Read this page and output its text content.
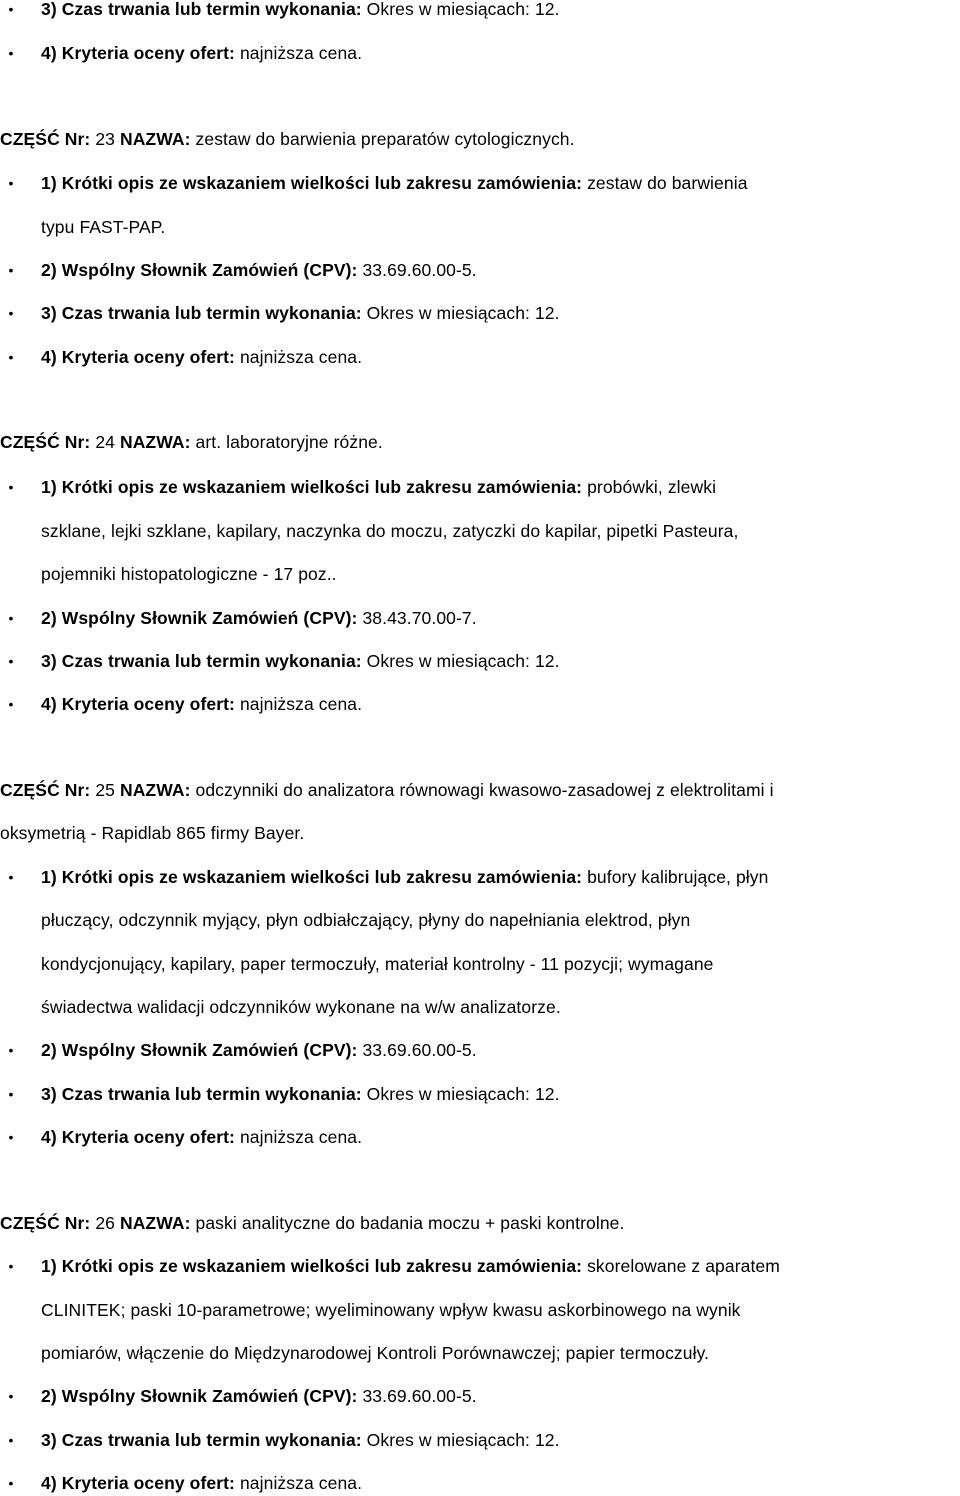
•	3) Czas trwania lub termin wykonania: Okres w miesiącach: 12.
•	4) Kryteria oceny ofert: najniższa cena.
CZĘŚĆ Nr: 23 NAZWA: zestaw do barwienia preparatów cytologicznych.
•	1) Krótki opis ze wskazaniem wielkości lub zakresu zamówienia: zestaw do barwienia
typu FAST-PAP.
•	2) Wspólny Słownik Zamówień (CPV): 33.69.60.00-5.
•	3) Czas trwania lub termin wykonania: Okres w miesiącach: 12.
•	4) Kryteria oceny ofert: najniższa cena.
CZĘŚĆ Nr: 24 NAZWA: art. laboratoryjne różne.
•	1) Krótki opis ze wskazaniem wielkości lub zakresu zamówienia: probówki, zlewki
szklane, lejki szklane, kapilary, naczynka do moczu, zatyczki do kapilar, pipetki Pasteura,
pojemniki histopatologiczne - 17 poz..
•	2) Wspólny Słownik Zamówień (CPV): 38.43.70.00-7.
•	3) Czas trwania lub termin wykonania: Okres w miesiącach: 12.
•	4) Kryteria oceny ofert: najniższa cena.
CZĘŚĆ Nr: 25 NAZWA: odczynniki do analizatora równowagi kwasowo-zasadowej z elektrolitami i
oksymetrią - Rapidlab 865 firmy Bayer.
•	1) Krótki opis ze wskazaniem wielkości lub zakresu zamówienia: bufory kalibrujące, płyn
płuczący, odczynnik myjący, płyn odbiałczający, płyny do napełniania elektrod, płyn
kondycjonujący, kapilary, paper termoczuły, materiał kontrolny - 11 pozycji; wymagane
świadectwa walidacji odczynników wykonane na w/w analizatorze.
•	2) Wspólny Słownik Zamówień (CPV): 33.69.60.00-5.
•	3) Czas trwania lub termin wykonania: Okres w miesiącach: 12.
•	4) Kryteria oceny ofert: najniższa cena.
CZĘŚĆ Nr: 26 NAZWA: paski analityczne do badania moczu + paski kontrolne.
•	1) Krótki opis ze wskazaniem wielkości lub zakresu zamówienia: skorelowane z aparatem
CLINITEK; paski 10-parametrowe; wyeliminowany wpływ kwasu askorbinowego na wynik
pomiarów, włączenie do Międzynarodowej Kontroli Porównawczej; papier termoczuły.
•	2) Wspólny Słownik Zamówień (CPV): 33.69.60.00-5.
•	3) Czas trwania lub termin wykonania: Okres w miesiącach: 12.
•	4) Kryteria oceny ofert: najniższa cena.
